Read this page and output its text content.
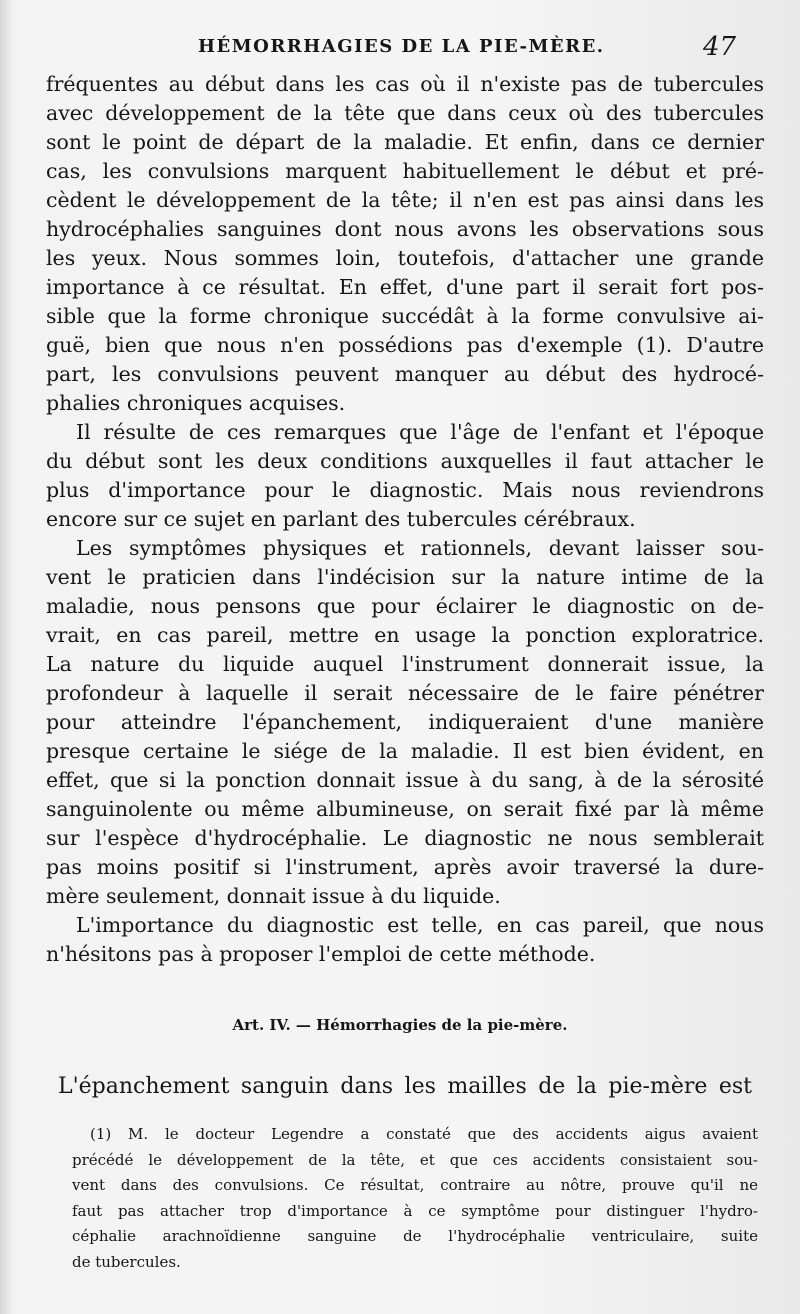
HÉMORRHAGIES DE LA PIE-MÈRE.	47

fréquentes au début dans les cas où il n'existe pas de tubercules
avec développement de la tête que dans ceux où des tubercules
sont le point de départ de la maladie. Et enfin, dans ce dernier
cas, les convulsions marquent habituellement le début et pré-
cèdent le développement de la tête; il n'en est pas ainsi dans les
hydrocéphalies sanguines dont nous avons les observations sous
les yeux. Nous sommes loin, toutefois, d'attacher une grande
importance à ce résultat. En effet, d'une part il serait fort pos-
sible que la forme chronique succédât à la forme convulsive ai-
guë, bien que nous n'en possédions pas d'exemple (1). D'autre
part, les convulsions peuvent manquer au début des hydrocé-
phalies chroniques acquises.

Il résulte de ces remarques que l'âge de l'enfant et l'époque
du début sont les deux conditions auxquelles il faut attacher le
plus d'importance pour le diagnostic. Mais nous reviendrons
encore sur ce sujet en parlant des tubercules cérébraux.

Les symptômes physiques et rationnels, devant laisser sou-
vent le praticien dans l'indécision sur la nature intime de la
maladie, nous pensons que pour éclairer le diagnostic on de-
vrait, en cas pareil, mettre en usage la ponction exploratrice.
La nature du liquide auquel l'instrument donnerait issue, la
profondeur à laquelle il serait nécessaire de le faire pénétrer
pour atteindre l'épanchement, indiqueraient d'une manière
presque certaine le siége de la maladie. Il est bien évident, en
effet, que si la ponction donnait issue à du sang, à de la sérosité
sanguinolente ou même albumineuse, on serait fixé par là même
sur l'espèce d'hydrocéphalie. Le diagnostic ne nous semblerait
pas moins positif si l'instrument, après avoir traversé la dure-
mère seulement, donnait issue à du liquide.

L'importance du diagnostic est telle, en cas pareil, que nous
n'hésitons pas à proposer l'emploi de cette méthode.

Art. IV. — Hémorrhagies de la pie-mère.
L'épanchement sanguin dans les mailles de la pie-mère est
(1) M. le docteur Legendre a constaté que des accidents aigus avaient
précédé le développement de la tête, et que ces accidents consistaient sou-
vent dans des convulsions. Ce résultat, contraire au nôtre, prouve qu'il ne
faut pas attacher trop d'importance à ce symptôme pour distinguer l'hydro-
céphalie arachnoïdienne sanguine de l'hydrocéphalie ventriculaire, suite
de tubercules.
